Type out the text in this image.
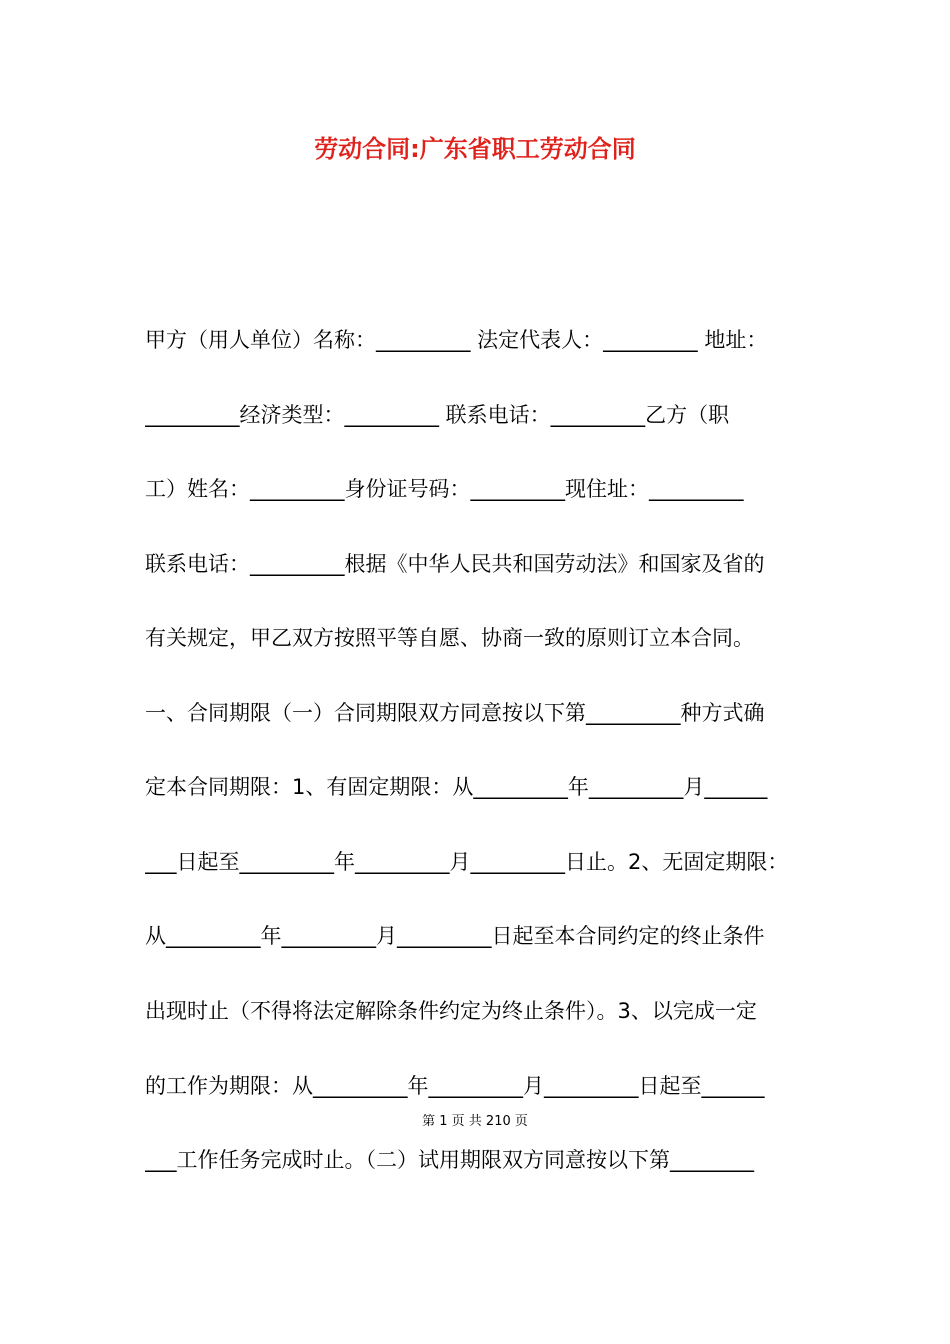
劳动合同:广东省职工劳动合同
甲方（用人单位）名称：_________ 法定代表人：_________ 地址：
_________经济类型：_________ 联系电话：_________乙方（职
工）姓名：_________身份证号码：_________现住址：_________
联系电话：_________根据《中华人民共和国劳动法》和国家及省的
有关规定，甲乙双方按照平等自愿、协商一致的原则订立本合同。
一、合同期限（一）合同期限双方同意按以下第_________种方式确
定本合同期限：1、有固定期限：从_________年_________月______
___日起至_________年_________月_________日止。2、无固定期限：
从_________年_________月_________日起至本合同约定的终止条件
出现时止（不得将法定解除条件约定为终止条件）。3、以完成一定
的工作为期限：从_________年_________月_________日起至______
第 1 页 共 210 页
___工作任务完成时止。（二）试用期限双方同意按以下第________
